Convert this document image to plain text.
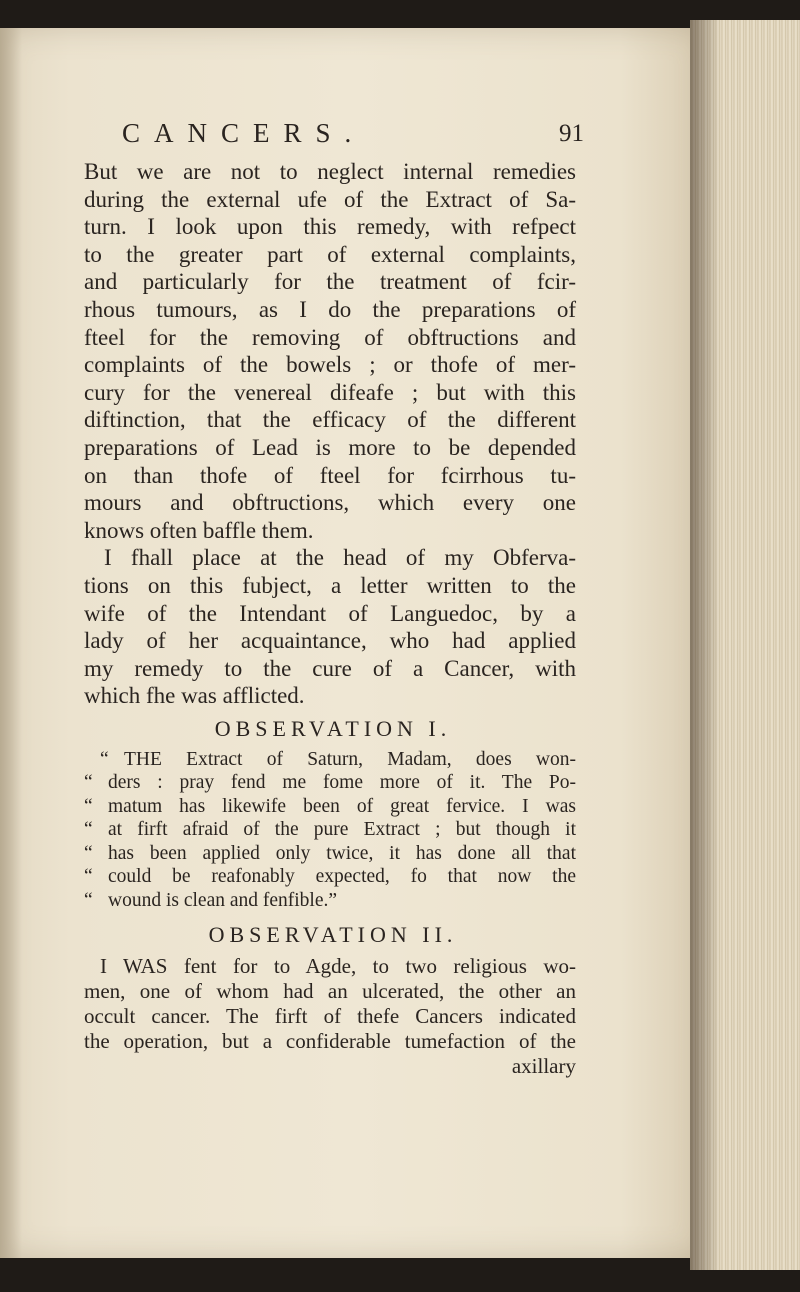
CANCERS.	91
But we are not to neglect internal remedies
during the external ufe of the Extract of Sa-
turn. I look upon this remedy, with refpect
to the greater part of external complaints,
and particularly for the treatment of fcir-
rhous tumours, as I do the preparations of
fteel for the removing of obftructions and
complaints of the bowels ; or thofe of mer-
cury for the venereal difeafe ; but with this
diftinction, that the efficacy of the different
preparations of Lead is more to be depended
on than thofe of fteel for fcirrhous tu-
mours and obftructions, which every one
knows often baffle them.
I fhall place at the head of my Obferva-
tions on this fubject, a letter written to the
wife of the Intendant of Languedoc, by a
lady of her acquaintance, who had applied
my remedy to the cure of a Cancer, with
which fhe was afflicted.
OBSERVATION I.
“ THE Extract of Saturn, Madam, does won-
“ ders : pray fend me fome more of it. The Po-
“ matum has likewife been of great fervice. I was
“ at firft afraid of the pure Extract ; but though it
“ has been applied only twice, it has done all that
“ could be reafonably expected, fo that now the
“ wound is clean and fenfible.”
OBSERVATION II.
I WAS fent for to Agde, to two religious wo-
men, one of whom had an ulcerated, the other an
occult cancer. The firft of thefe Cancers indicated
the operation, but a confiderable tumefaction of the
axillary
